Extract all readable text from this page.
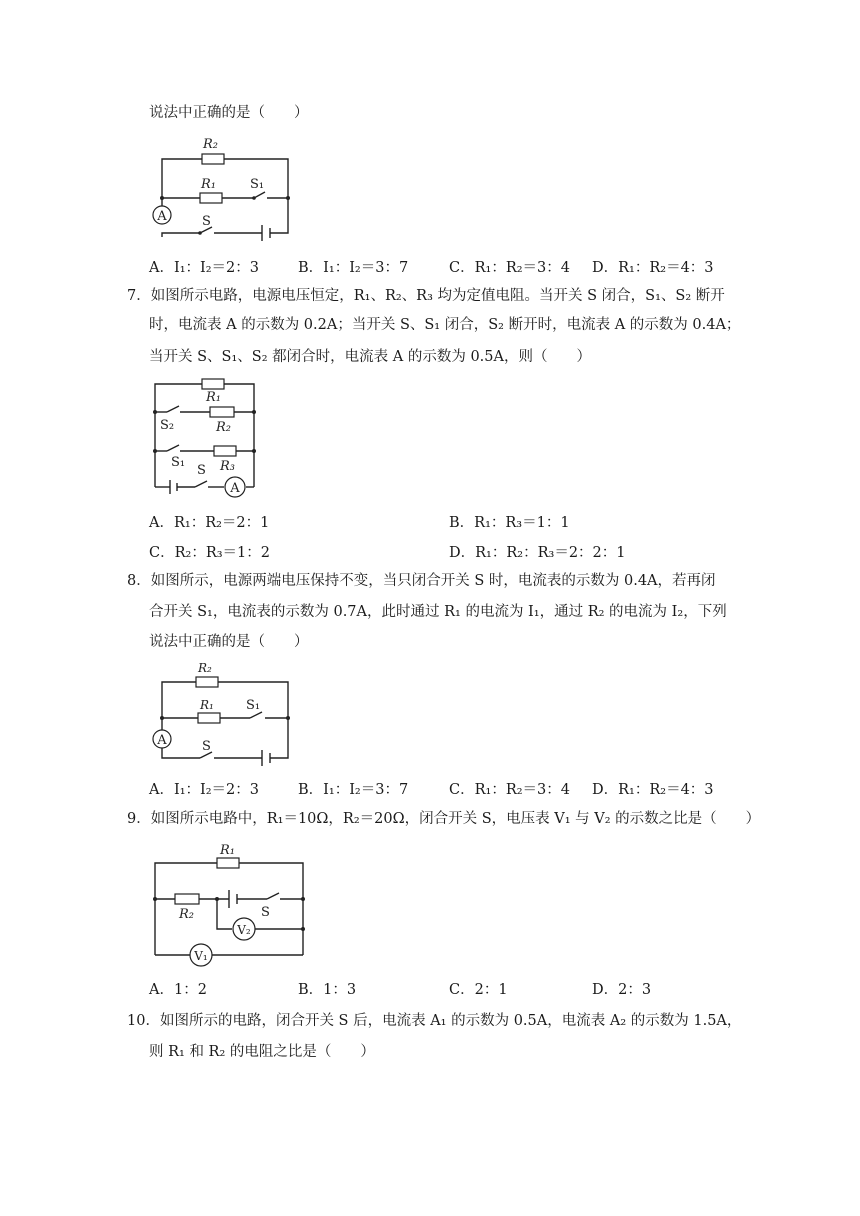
说法中正确的是（　　）
A
R₂
R₁	S₁
S
A．I₁：I₂＝2：3	B．I₁：I₂＝3：7	C．R₁：R₂＝3：4 D．R₁：R₂＝4：3
7．如图所示电路，电源电压恒定，R₁、R₂、R₃ 均为定值电阻。当开关 S 闭合，S₁、S₂ 断开
时，电流表 A 的示数为 0.2A；当开关 S、S₁ 闭合，S₂ 断开时，电流表 A 的示数为 0.4A；
当开关 S、S₁、S₂ 都闭合时，电流表 A 的示数为 0.5A，则（　　）
A
R₁
S₂	R₂
S₁	R₃
S
A．R₁：R₂＝2：1	B．R₁：R₃＝1：1
C．R₂：R₃＝1：2	D．R₁：R₂：R₃＝2：2：1
8．如图所示，电源两端电压保持不变，当只闭合开关 S 时，电流表的示数为 0.4A，若再闭
合开关 S₁，电流表的示数为 0.7A，此时通过 R₁ 的电流为 I₁，通过 R₂ 的电流为 I₂，下列
说法中正确的是（　　）
A
R₂
R₁ S₁
S
A．I₁：I₂＝2：3	B．I₁：I₂＝3：7	C．R₁：R₂＝3：4 D．R₁：R₂＝4：3
9．如图所示电路中，R₁＝10Ω，R₂＝20Ω，闭合开关 S，电压表 V₁ 与 V₂ 的示数之比是（　　）
V₂
V₁
R₁
R₂	S
A．1：2	B．1：3	C．2：1	D．2：3
10．如图所示的电路，闭合开关 S 后，电流表 A₁ 的示数为 0.5A，电流表 A₂ 的示数为 1.5A，
则 R₁ 和 R₂ 的电阻之比是（　　）
